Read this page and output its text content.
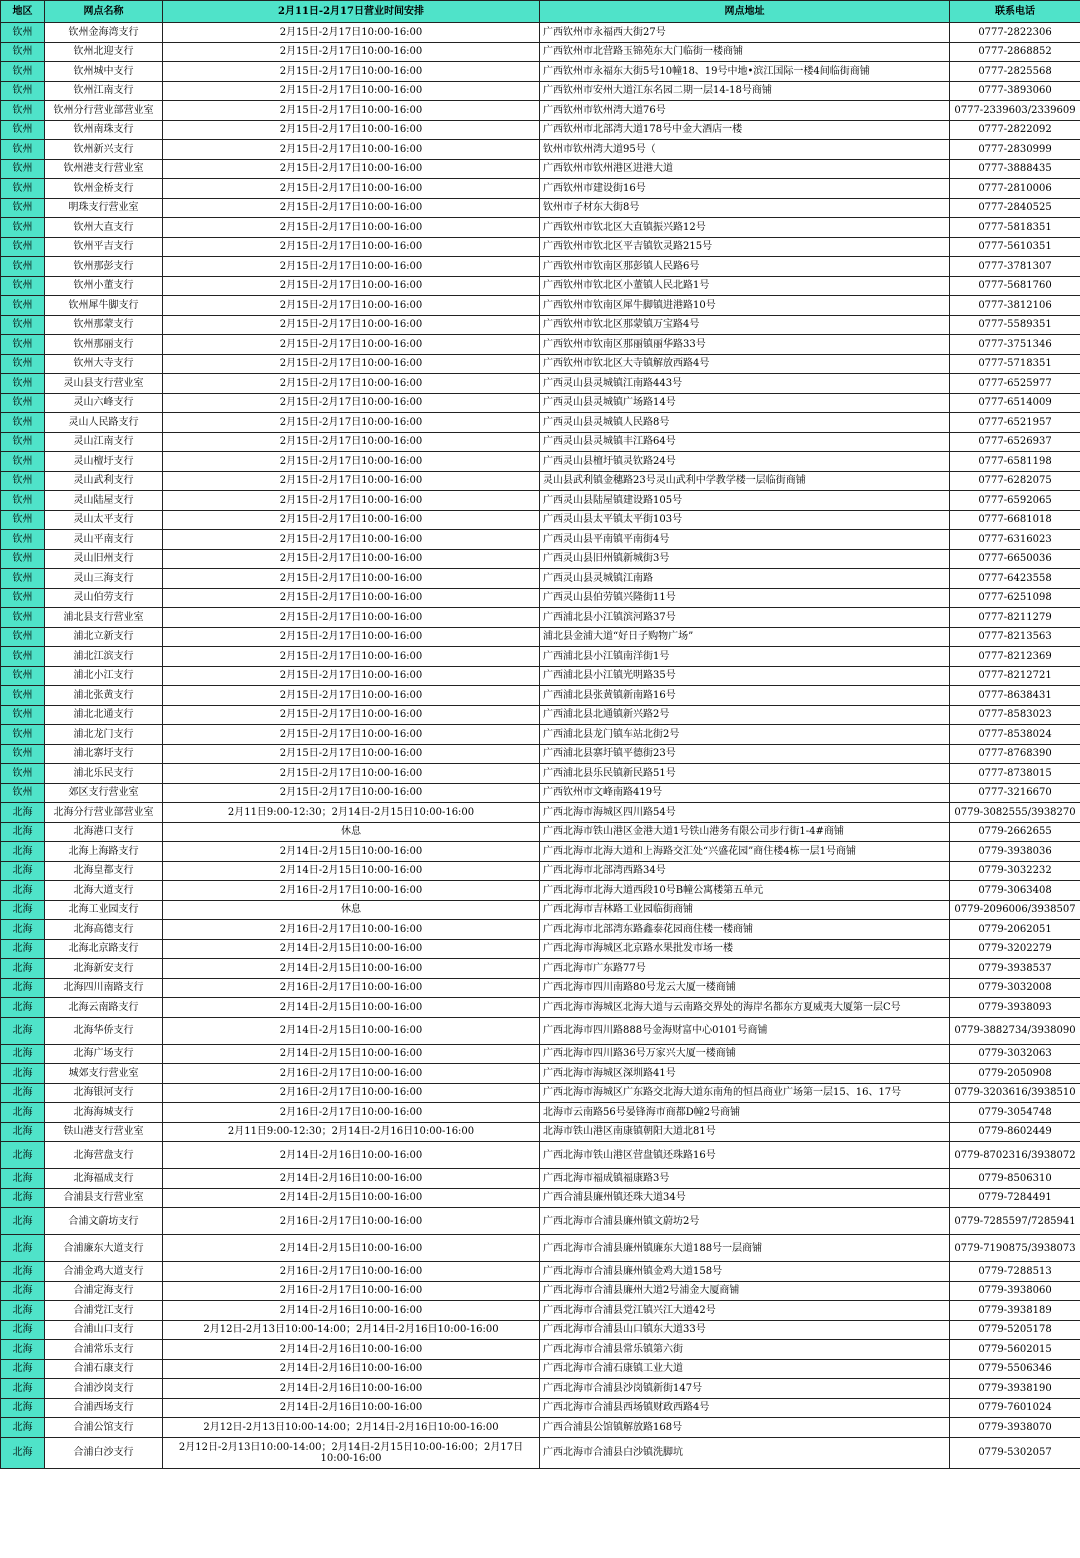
地区	网点名称	2月11日-2月17日营业时间安排	网点地址	联系电话
钦州	钦州金海湾支行	2月15日-2月17日10:00-16:00	广西钦州市永福西大街27号	0777-2822306
钦州	钦州北迎支行	2月15日-2月17日10:00-16:00	广西钦州市北营路玉锦苑东大门临街一楼商铺	0777-2868852
钦州	钦州城中支行	2月15日-2月17日10:00-16:00	广西钦州市永福东大街5号10幢18、19号中地•滨江国际一楼4间临街商铺	0777-2825568
钦州	钦州江南支行	2月15日-2月17日10:00-16:00	广西钦州市安州大道江东名园二期一层14-18号商铺	0777-3893060
钦州	钦州分行营业部营业室	2月15日-2月17日10:00-16:00	广西钦州市钦州湾大道76号	0777-2339603/2339609
钦州	钦州南珠支行	2月15日-2月17日10:00-16:00	广西钦州市北部湾大道178号中金大酒店一楼	0777-2822092
钦州	钦州新兴支行	2月15日-2月17日10:00-16:00	钦州市钦州湾大道95号（	0777-2830999
钦州	钦州港支行营业室	2月15日-2月17日10:00-16:00	广西钦州市钦州港区进港大道	0777-3888435
钦州	钦州金桥支行	2月15日-2月17日10:00-16:00	广西钦州市建设街16号	0777-2810006
钦州	明珠支行营业室	2月15日-2月17日10:00-16:00	钦州市子材东大街8号	0777-2840525
钦州	钦州大直支行	2月15日-2月17日10:00-16:00	广西钦州市钦北区大直镇振兴路12号	0777-5818351
钦州	钦州平吉支行	2月15日-2月17日10:00-16:00	广西钦州市钦北区平吉镇钦灵路215号	0777-5610351
钦州	钦州那彭支行	2月15日-2月17日10:00-16:00	广西钦州市钦南区那彭镇人民路6号	0777-3781307
钦州	钦州小董支行	2月15日-2月17日10:00-16:00	广西钦州市钦北区小董镇人民北路1号	0777-5681760
钦州	钦州犀牛脚支行	2月15日-2月17日10:00-16:00	广西钦州市钦南区犀牛脚镇进港路10号	0777-3812106
钦州	钦州那蒙支行	2月15日-2月17日10:00-16:00	广西钦州市钦北区那蒙镇万宝路4号	0777-5589351
钦州	钦州那丽支行	2月15日-2月17日10:00-16:00	广西钦州市钦南区那丽镇丽华路33号	0777-3751346
钦州	钦州大寺支行	2月15日-2月17日10:00-16:00	广西钦州市钦北区大寺镇解放西路4号	0777-5718351
钦州	灵山县支行营业室	2月15日-2月17日10:00-16:00	广西灵山县灵城镇江南路443号	0777-6525977
钦州	灵山六峰支行	2月15日-2月17日10:00-16:00	广西灵山县灵城镇广场路14号	0777-6514009
钦州	灵山人民路支行	2月15日-2月17日10:00-16:00	广西灵山县灵城镇人民路8号	0777-6521957
钦州	灵山江南支行	2月15日-2月17日10:00-16:00	广西灵山县灵城镇丰江路64号	0777-6526937
钦州	灵山檀圩支行	2月15日-2月17日10:00-16:00	广西灵山县檀圩镇灵钦路24号	0777-6581198
钦州	灵山武利支行	2月15日-2月17日10:00-16:00	灵山县武利镇金穗路23号灵山武利中学教学楼一层临街商铺	0777-6282075
钦州	灵山陆屋支行	2月15日-2月17日10:00-16:00	广西灵山县陆屋镇建设路105号	0777-6592065
钦州	灵山太平支行	2月15日-2月17日10:00-16:00	广西灵山县太平镇太平街103号	0777-6681018
钦州	灵山平南支行	2月15日-2月17日10:00-16:00	广西灵山县平南镇平南街4号	0777-6316023
钦州	灵山旧州支行	2月15日-2月17日10:00-16:00	广西灵山县旧州镇新城街3号	0777-6650036
钦州	灵山三海支行	2月15日-2月17日10:00-16:00	广西灵山县灵城镇江南路	0777-6423558
钦州	灵山伯劳支行	2月15日-2月17日10:00-16:00	广西灵山县伯劳镇兴隆街11号	0777-6251098
钦州	浦北县支行营业室	2月15日-2月17日10:00-16:00	广西浦北县小江镇滨河路37号	0777-8211279
钦州	浦北立新支行	2月15日-2月17日10:00-16:00	浦北县金浦大道“好日子购物广场”	0777-8213563
钦州	浦北江滨支行	2月15日-2月17日10:00-16:00	广西浦北县小江镇南洋街1号	0777-8212369
钦州	浦北小江支行	2月15日-2月17日10:00-16:00	广西浦北县小江镇光明路35号	0777-8212721
钦州	浦北张黄支行	2月15日-2月17日10:00-16:00	广西浦北县张黄镇新南路16号	0777-8638431
钦州	浦北北通支行	2月15日-2月17日10:00-16:00	广西浦北县北通镇新兴路2号	0777-8583023
钦州	浦北龙门支行	2月15日-2月17日10:00-16:00	广西浦北县龙门镇车站北街2号	0777-8538024
钦州	浦北寨圩支行	2月15日-2月17日10:00-16:00	广西浦北县寨圩镇平德街23号	0777-8768390
钦州	浦北乐民支行	2月15日-2月17日10:00-16:00	广西浦北县乐民镇新民路51号	0777-8738015
钦州	郊区支行营业室	2月15日-2月17日10:00-16:00	广西钦州市文峰南路419号	0777-3216670
北海	北海分行营业部营业室	2月11日9:00-12:30；2月14日-2月15日10:00-16:00	广西北海市海城区四川路54号	0779-3082555/3938270
北海	北海港口支行	休息	广西北海市铁山港区金港大道1号铁山港务有限公司步行街1-4#商铺	0779-2662655
北海	北海上海路支行	2月14日-2月15日10:00-16:00	广西北海市北海大道和上海路交汇处“兴盛花园”商住楼4栋一层1号商铺	0779-3938036
北海	北海皇都支行	2月14日-2月15日10:00-16:00	广西北海市北部湾西路34号	0779-3032232
北海	北海大道支行	2月16日-2月17日10:00-16:00	广西北海市北海大道西段10号B幢公寓楼第五单元	0779-3063408
北海	北海工业园支行	休息	广西北海市吉林路工业园临街商铺	0779-2096006/3938507
北海	北海高德支行	2月16日-2月17日10:00-16:00	广西北海市北部湾东路鑫泰花园商住楼一楼商铺	0779-2062051
北海	北海北京路支行	2月14日-2月15日10:00-16:00	广西北海市海城区北京路水果批发市场一楼	0779-3202279
北海	北海新安支行	2月14日-2月15日10:00-16:00	广西北海市广东路77号	0779-3938537
北海	北海四川南路支行	2月16日-2月17日10:00-16:00	广西北海市四川南路80号龙云大厦一楼商铺	0779-3032008
北海	北海云南路支行	2月14日-2月15日10:00-16:00	广西北海市海城区北海大道与云南路交界处的海岸名都东方夏威夷大厦第一层C号	0779-3938093
北海	北海华侨支行	2月14日-2月15日10:00-16:00	广西北海市四川路888号金海财富中心0101号商铺	0779-3882734/3938090
北海	北海广场支行	2月14日-2月15日10:00-16:00	广西北海市四川路36号万家兴大厦一楼商铺	0779-3032063
北海	城郊支行营业室	2月16日-2月17日10:00-16:00	广西北海市海城区深圳路41号	0779-2050908
北海	北海银河支行	2月16日-2月17日10:00-16:00	广西北海市海城区广东路交北海大道东南角的恒昌商业广场第一层15、16、17号	0779-3203616/3938510
北海	北海海城支行	2月16日-2月17日10:00-16:00	北海市云南路56号晏锋海市商都D幢2号商铺	0779-3054748
北海	铁山港支行营业室	2月11日9:00-12:30；2月14日-2月16日10:00-16:00	北海市铁山港区南康镇朝阳大道北81号	0779-8602449
北海	北海营盘支行	2月14日-2月16日10:00-16:00	广西北海市铁山港区营盘镇还珠路16号	0779-8702316/3938072
北海	北海福成支行	2月14日-2月16日10:00-16:00	广西北海市福成镇福康路3号	0779-8506310
北海	合浦县支行营业室	2月14日-2月15日10:00-16:00	广西合浦县廉州镇还珠大道34号	0779-7284491
北海	合浦文蔚坊支行	2月16日-2月17日10:00-16:00	广西北海市合浦县廉州镇文蔚坊2号	0779-7285597/7285941
北海	合浦廉东大道支行	2月14日-2月15日10:00-16:00	广西北海市合浦县廉州镇廉东大道188号一层商铺	0779-7190875/3938073
北海	合浦金鸡大道支行	2月16日-2月17日10:00-16:00	广西北海市合浦县廉州镇金鸡大道158号	0779-7288513
北海	合浦定海支行	2月16日-2月17日10:00-16:00	广西北海市合浦县廉州大道2号浦金大厦商铺	0779-3938060
北海	合浦党江支行	2月14日-2月16日10:00-16:00	广西北海市合浦县党江镇兴江大道42号	0779-3938189
北海	合浦山口支行	2月12日-2月13日10:00-14:00；2月14日-2月16日10:00-16:00	广西北海市合浦县山口镇东大道33号	0779-5205178
北海	合浦常乐支行	2月14日-2月16日10:00-16:00	广西北海市合浦县常乐镇第六街	0779-5602015
北海	合浦石康支行	2月14日-2月16日10:00-16:00	广西北海市合浦石康镇工业大道	0779-5506346
北海	合浦沙岗支行	2月14日-2月16日10:00-16:00	广西北海市合浦县沙岗镇新街147号	0779-3938190
北海	合浦西场支行	2月14日-2月16日10:00-16:00	广西北海市合浦县西场镇财政西路4号	0779-7601024
北海	合浦公馆支行	2月12日-2月13日10:00-14:00；2月14日-2月16日10:00-16:00	广西合浦县公馆镇解放路168号	0779-3938070
北海	合浦白沙支行	2月12日-2月13日10:00-14:00；2月14日-2月15日10:00-16:00；2月17日10:00-16:00	广西北海市合浦县白沙镇洗脚坑	0779-5302057
